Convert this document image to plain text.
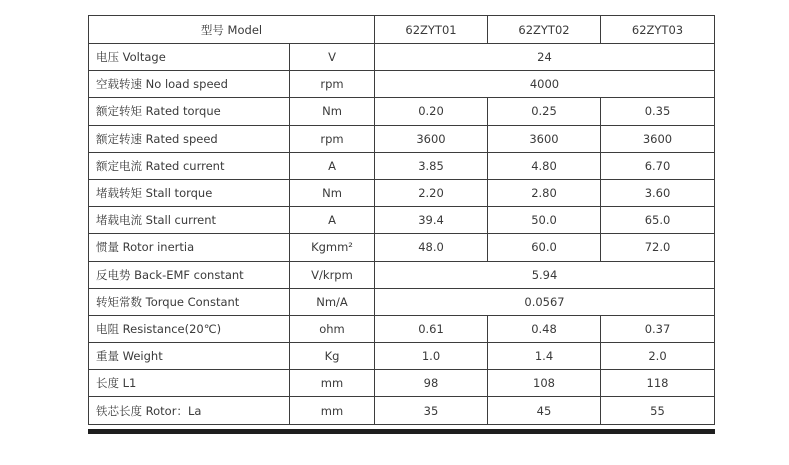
型号 Model		62ZYT01	62ZYT02	62ZYT03
电压 Voltage	V	24		
空载转速 No load speed	rpm	4000		
额定转矩 Rated torque	Nm	0.20	0.25	0.35
额定转速 Rated speed	rpm	3600	3600	3600
额定电流 Rated current	A	3.85	4.80	6.70
堵载转矩 Stall torque	Nm	2.20	2.80	3.60
堵载电流 Stall current	A	39.4	50.0	65.0
惯量 Rotor inertia	Kgmm²	48.0	60.0	72.0
反电势 Back-EMF constant	V/krpm	5.94		
转矩常数 Torque Constant	Nm/A	0.0567		
电阻 Resistance(20℃)	ohm	0.61	0.48	0.37
重量 Weight	Kg	1.0	1.4	2.0
长度 L1	mm	98	108	118
铁芯长度 Rotor：La	mm	35	45	55
